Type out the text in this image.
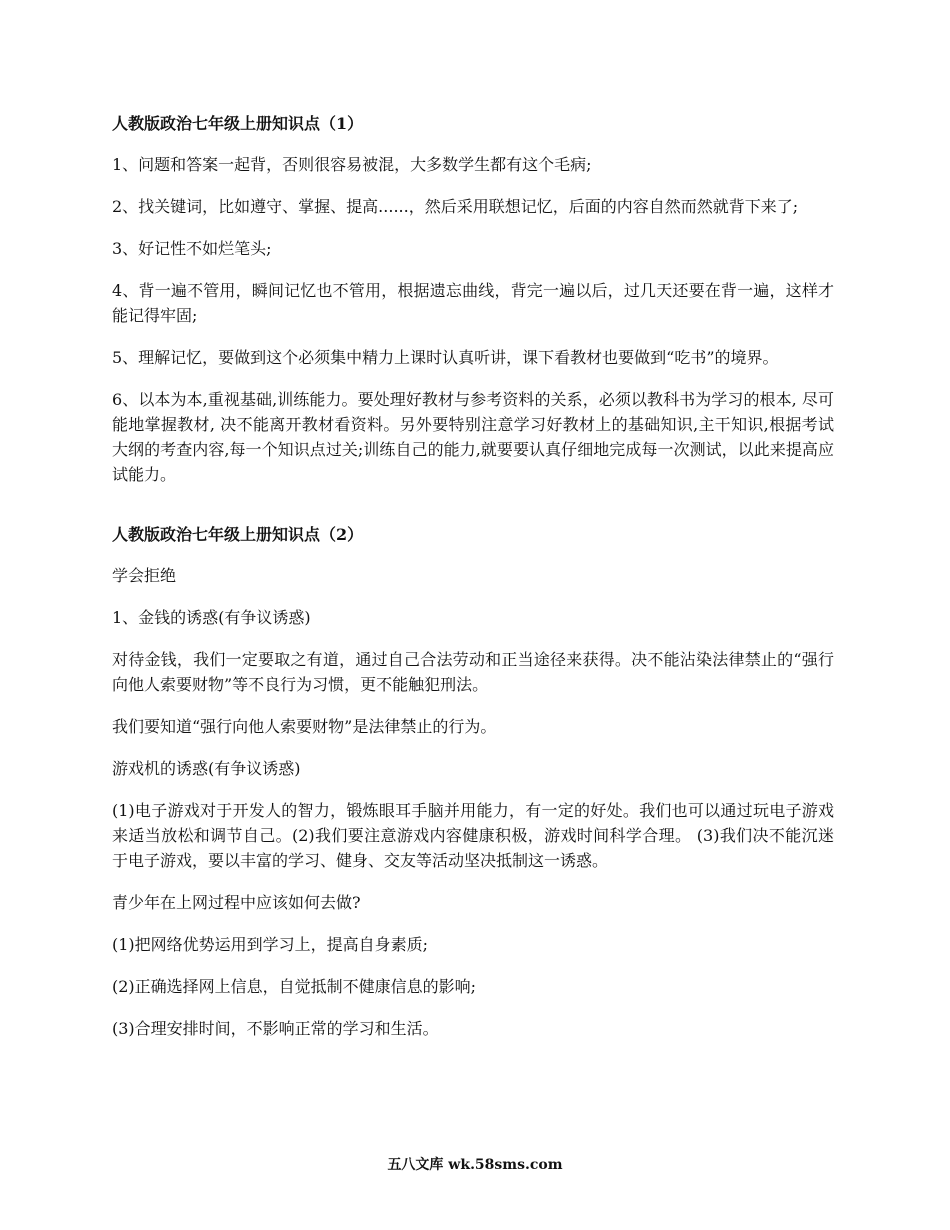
人教版政治七年级上册知识点（1）

1、问题和答案一起背，否则很容易被混，大多数学生都有这个毛病;

2、找关键词，比如遵守、掌握、提高......，然后采用联想记忆，后面的内容自然而然就背下来了;

3、好记性不如烂笔头;

4、背一遍不管用，瞬间记忆也不管用，根据遗忘曲线，背完一遍以后，过几天还要在背一遍，这样才能记得牢固;

5、理解记忆，要做到这个必须集中精力上课时认真听讲，课下看教材也要做到“吃书”的境界。

6、以本为本,重视基础,训练能力。要处理好教材与参考资料的关系，必须以教科书为学习的根本, 尽可能地掌握教材, 决不能离开教材看资料。另外要特别注意学习好教材上的基础知识,主干知识,根据考试大纲的考查内容,每一个知识点过关;训练自己的能力,就要要认真仔细地完成每一次测试，以此来提高应试能力。

人教版政治七年级上册知识点（2）

学会拒绝

1、金钱的诱惑(有争议诱惑)

对待金钱，我们一定要取之有道，通过自己合法劳动和正当途径来获得。决不能沾染法律禁止的“强行向他人索要财物”等不良行为习惯，更不能触犯刑法。

我们要知道“强行向他人索要财物”是法律禁止的行为。

游戏机的诱惑(有争议诱惑)

(1)电子游戏对于开发人的智力，锻炼眼耳手脑并用能力，有一定的好处。我们也可以通过玩电子游戏来适当放松和调节自己。(2)我们要注意游戏内容健康积极，游戏时间科学合理。 (3)我们决不能沉迷于电子游戏，要以丰富的学习、健身、交友等活动坚决抵制这一诱惑。

青少年在上网过程中应该如何去做?

(1)把网络优势运用到学习上，提高自身素质;

(2)正确选择网上信息，自觉抵制不健康信息的影响;

(3)合理安排时间，不影响正常的学习和生活。

五八文库 wk.58sms.com
